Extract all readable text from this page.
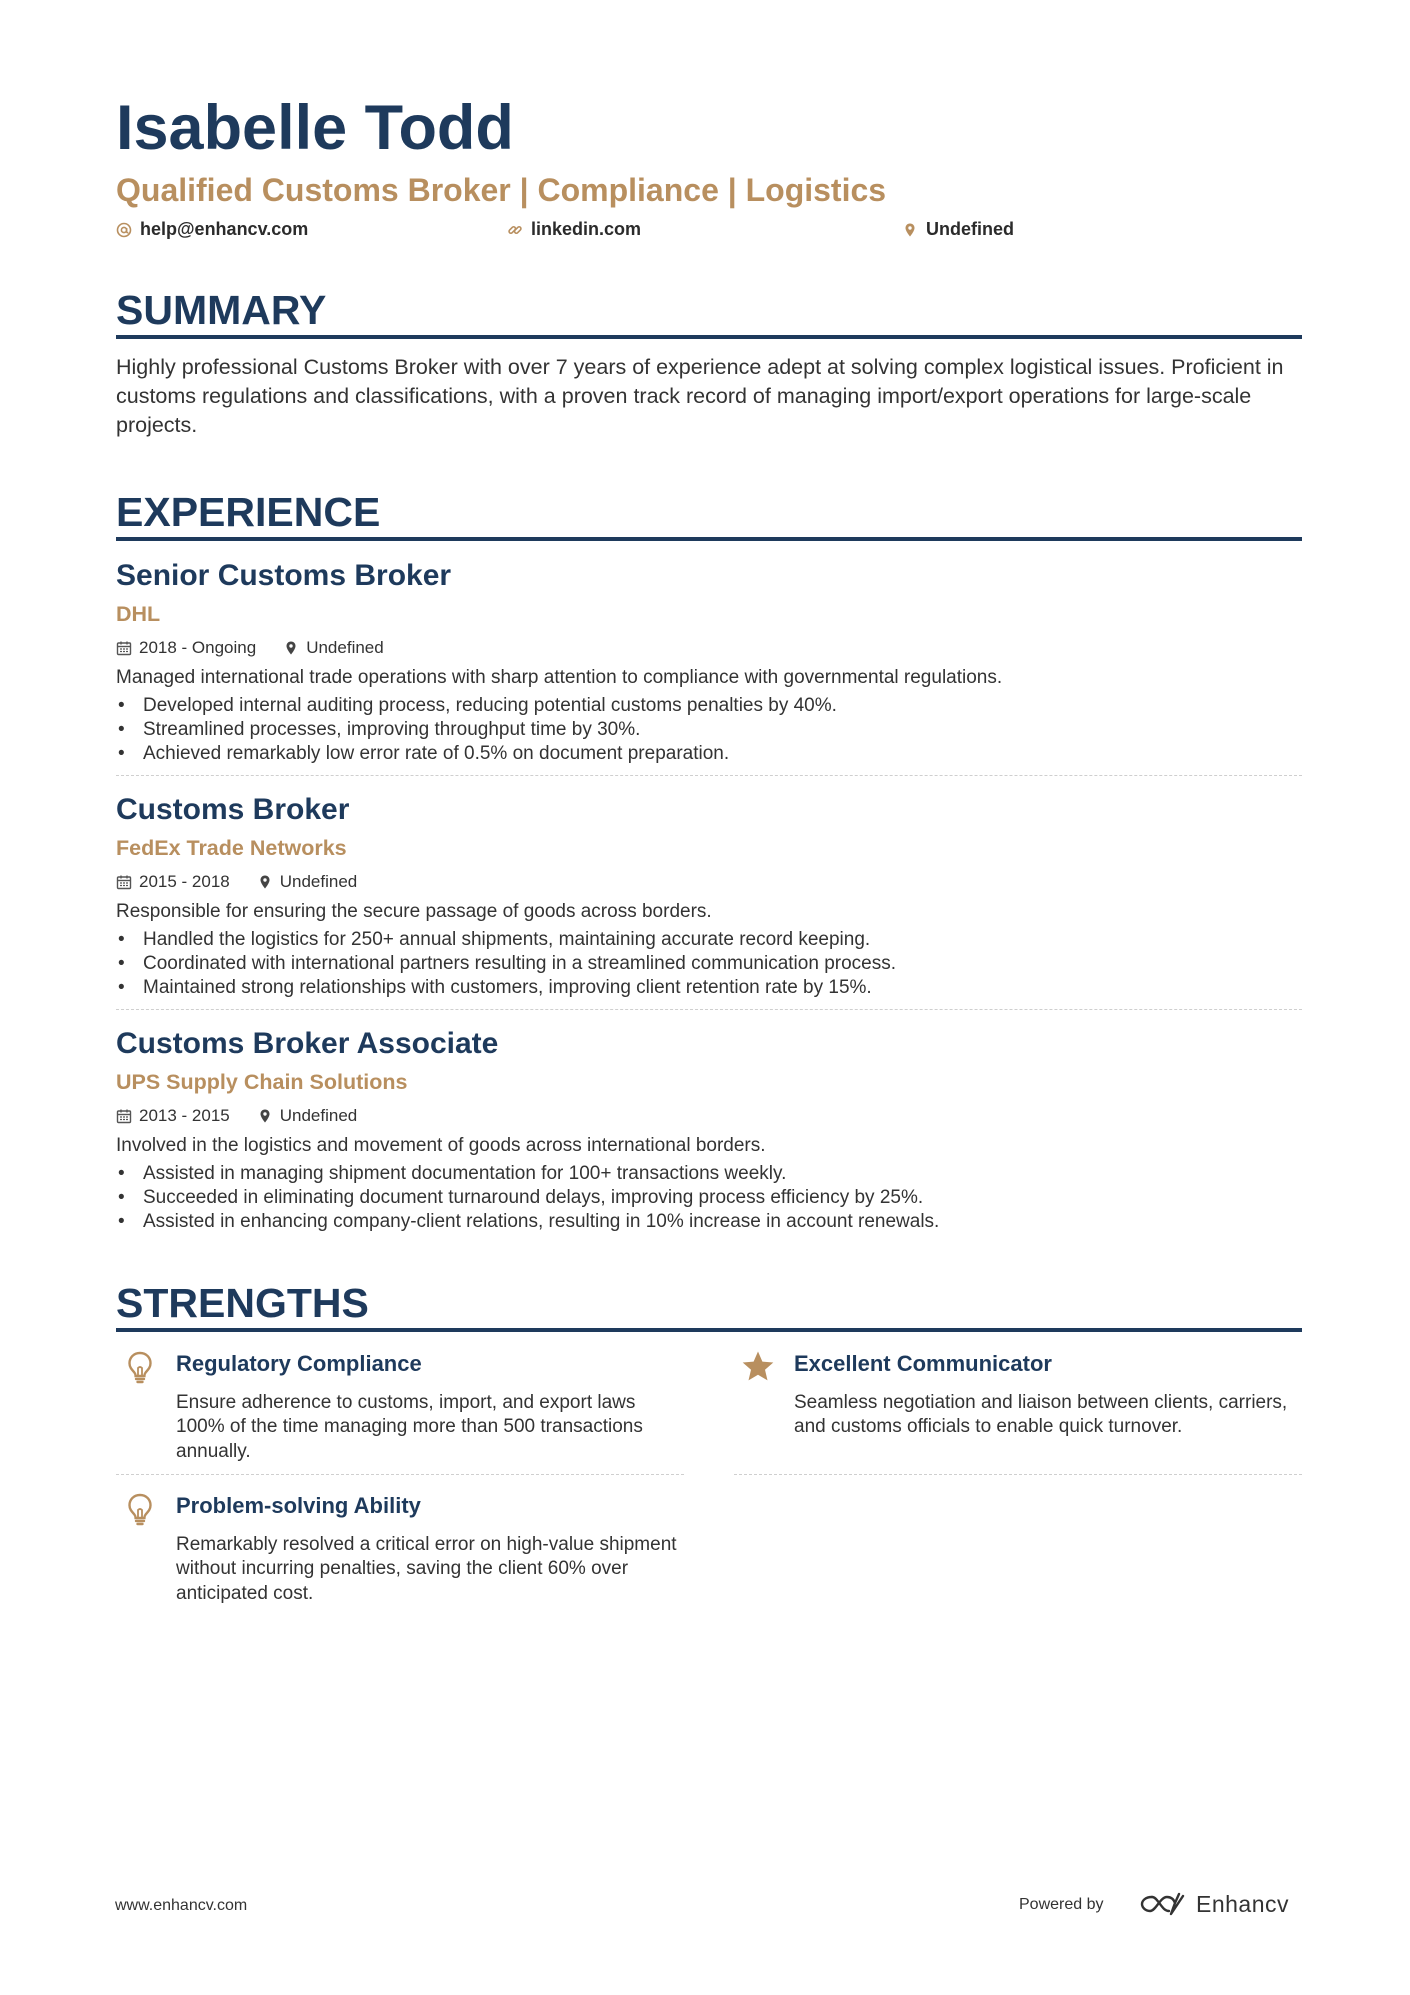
Isabelle Todd
Qualified Customs Broker | Compliance | Logistics
help@enhancv.com	linkedin.com	Undefined
SUMMARY

Highly professional Customs Broker with over 7 years of experience adept at solving complex logistical issues. Proficient in customs regulations and classifications, with a proven track record of managing import/export operations for large-scale projects.

EXPERIENCE
Senior Customs Broker
DHL
2018 - Ongoing	Undefined
Managed international trade operations with sharp attention to compliance with governmental regulations.
• Developed internal auditing process, reducing potential customs penalties by 40%.
• Streamlined processes, improving throughput time by 30%.
• Achieved remarkably low error rate of 0.5% on document preparation.
Customs Broker
FedEx Trade Networks
2015 - 2018	Undefined
Responsible for ensuring the secure passage of goods across borders.
• Handled the logistics for 250+ annual shipments, maintaining accurate record keeping.
• Coordinated with international partners resulting in a streamlined communication process.
• Maintained strong relationships with customers, improving client retention rate by 15%.
Customs Broker Associate
UPS Supply Chain Solutions
2013 - 2015	Undefined
Involved in the logistics and movement of goods across international borders.
• Assisted in managing shipment documentation for 100+ transactions weekly.
• Succeeded in eliminating document turnaround delays, improving process efficiency by 25%.
• Assisted in enhancing company-client relations, resulting in 10% increase in account renewals.
STRENGTHS
Regulatory Compliance
Ensure adherence to customs, import, and export laws 100% of the time managing more than 500 transactions annually.
Excellent Communicator
Seamless negotiation and liaison between clients, carriers, and customs officials to enable quick turnover.
Problem-solving Ability
Remarkably resolved a critical error on high-value shipment without incurring penalties, saving the client 60% over anticipated cost.
www.enhancv.com	Powered by	Enhancv
